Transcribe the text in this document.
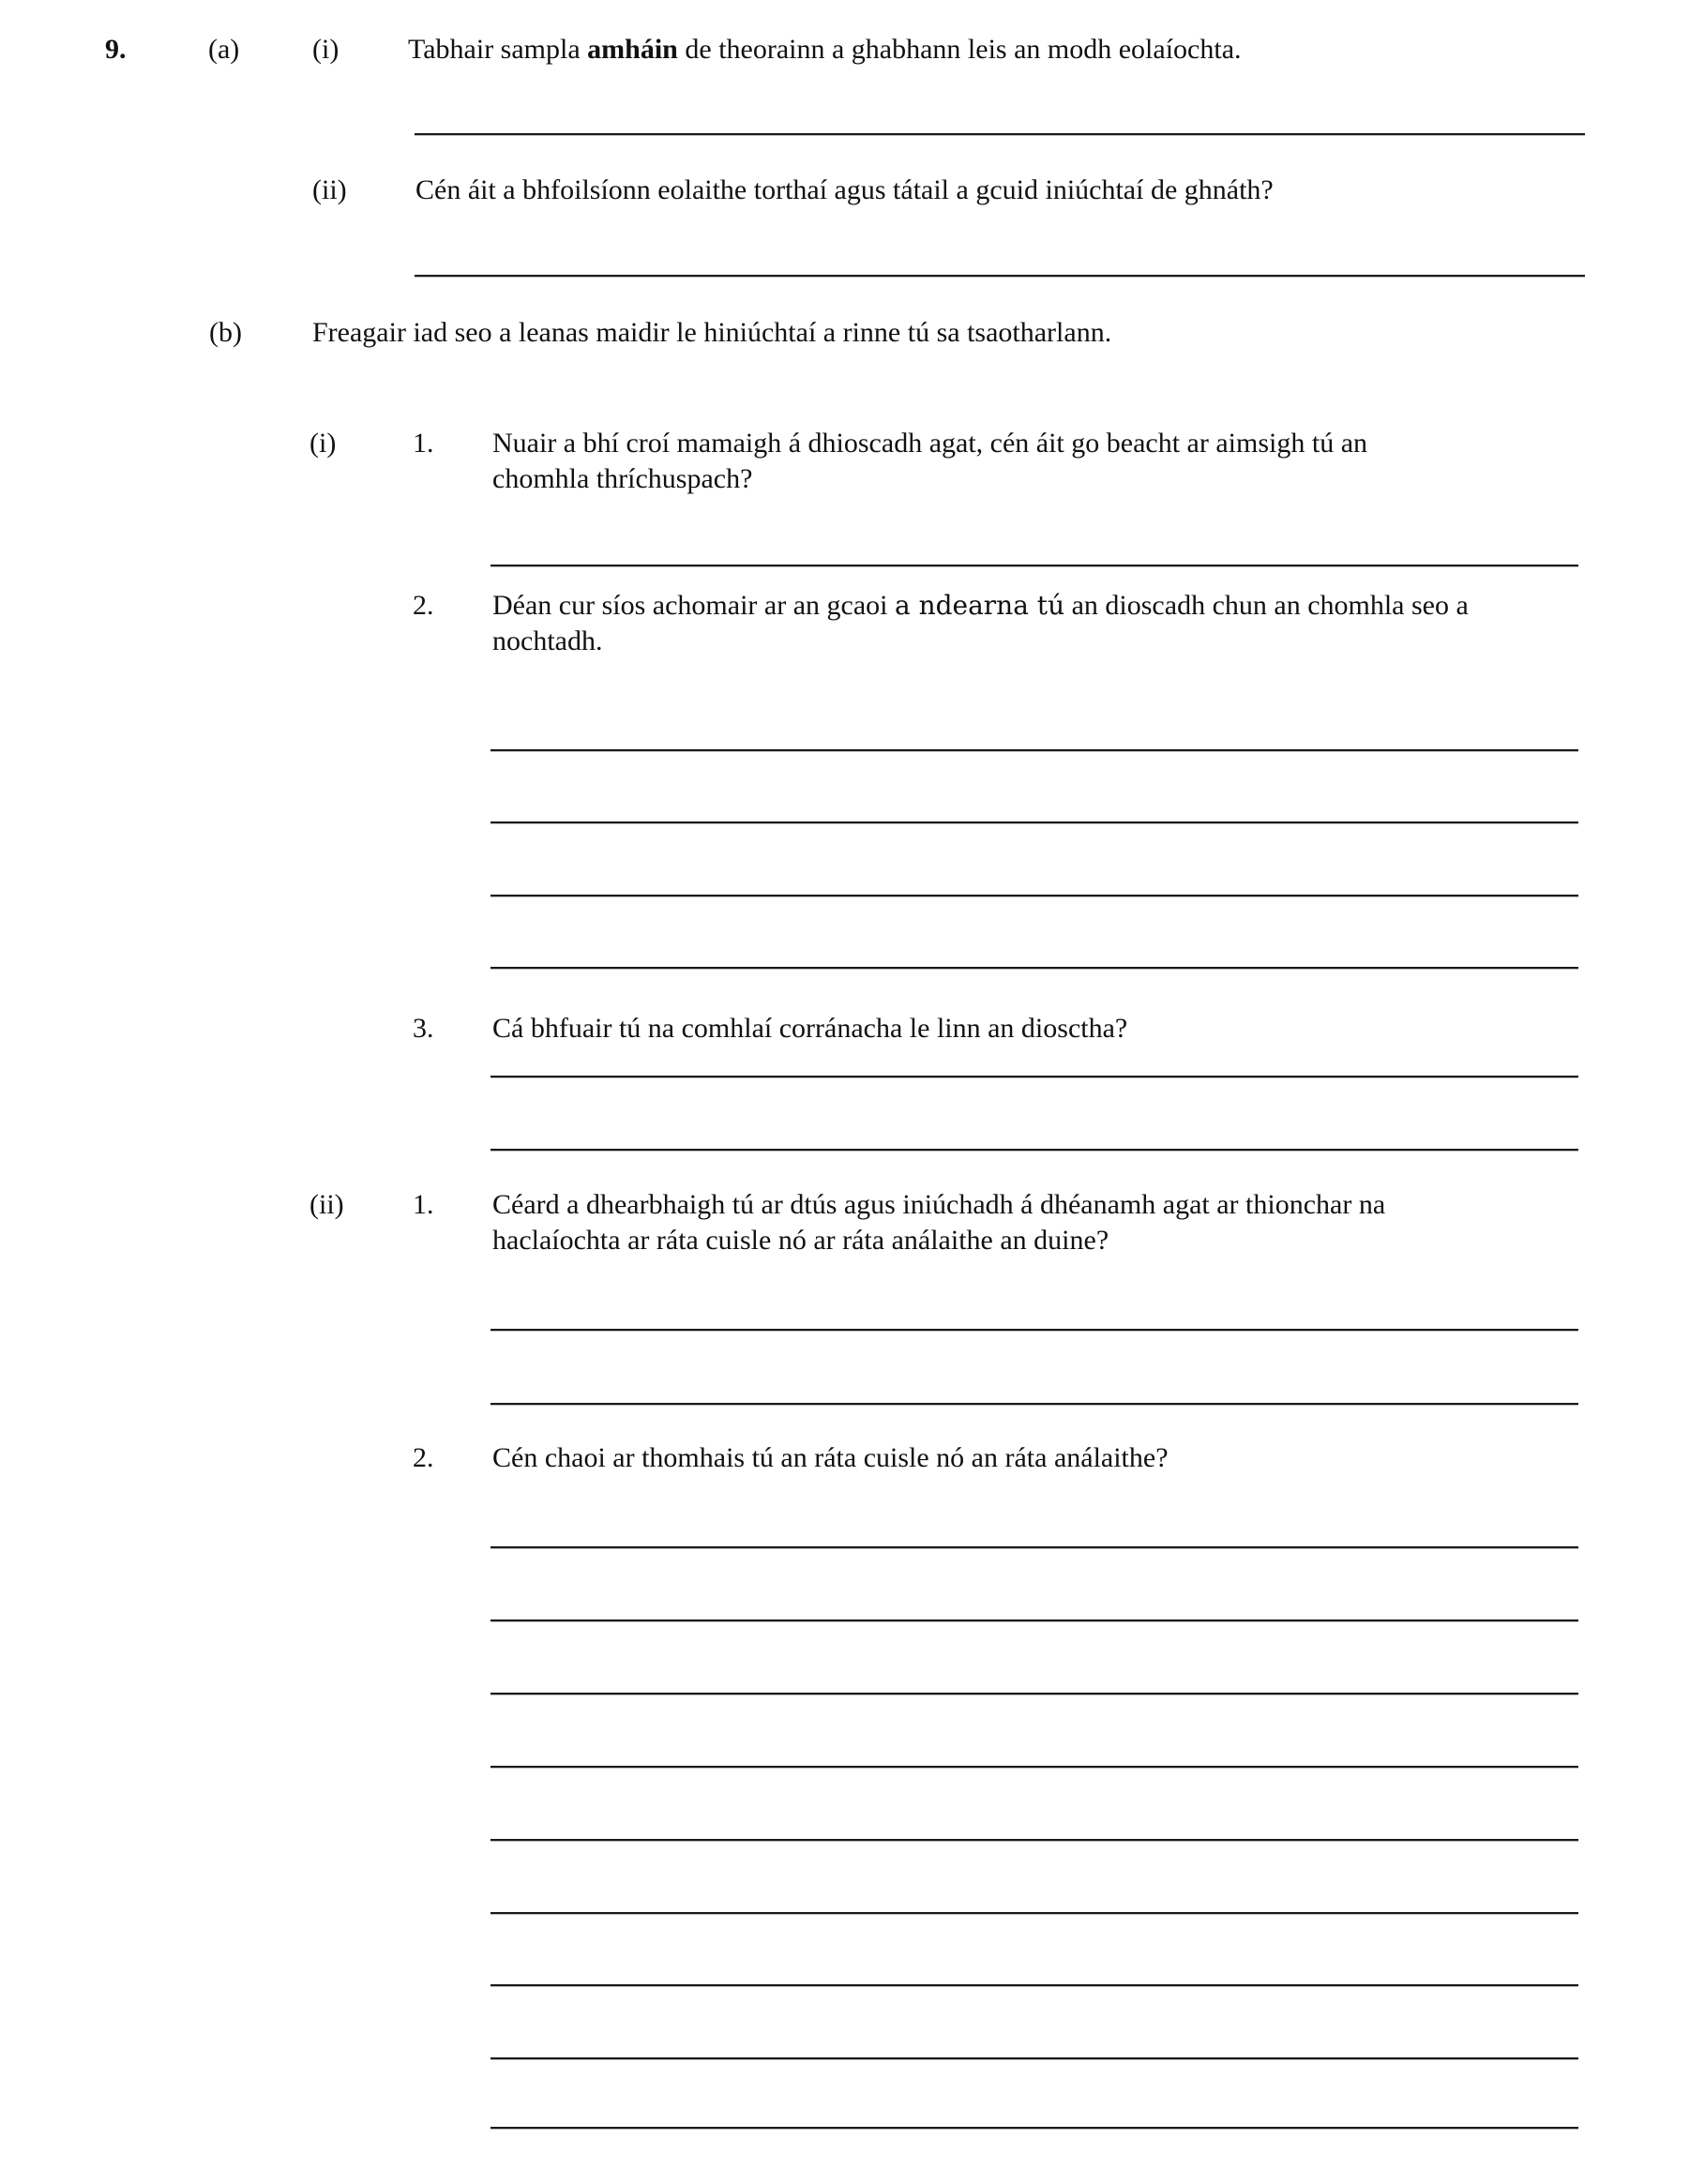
9.	(a)	(i) Tabhair sampla amháin de theorainn a ghabhann leis an modh eolaíochta.
(ii) Cén áit a bhfoilsíonn eolaithe torthaí agus tátail a gcuid iniúchtaí de ghnáth?
(b)	Freagair iad seo a leanas maidir le hiniúchtaí a rinne tú sa tsaotharlann.
(i)	1. Nuair a bhí croí mamaigh á dhioscadh agat, cén áit go beacht ar aimsigh tú an
chomhla thríchuspach?
2. Déan cur síos achomair ar an gcaoi a ndearna tú an dioscadh chun an chomhla seo a
nochtadh.
3. Cá bhfuair tú na comhlaí corránacha le linn an diosctha?
(ii) 1. Céard a dhearbhaigh tú ar dtús agus iniúchadh á dhéanamh agat ar thionchar na
haclaíochta ar ráta cuisle nó ar ráta análaithe an duine?
2. Cén chaoi ar thomhais tú an ráta cuisle nó an ráta análaithe?
